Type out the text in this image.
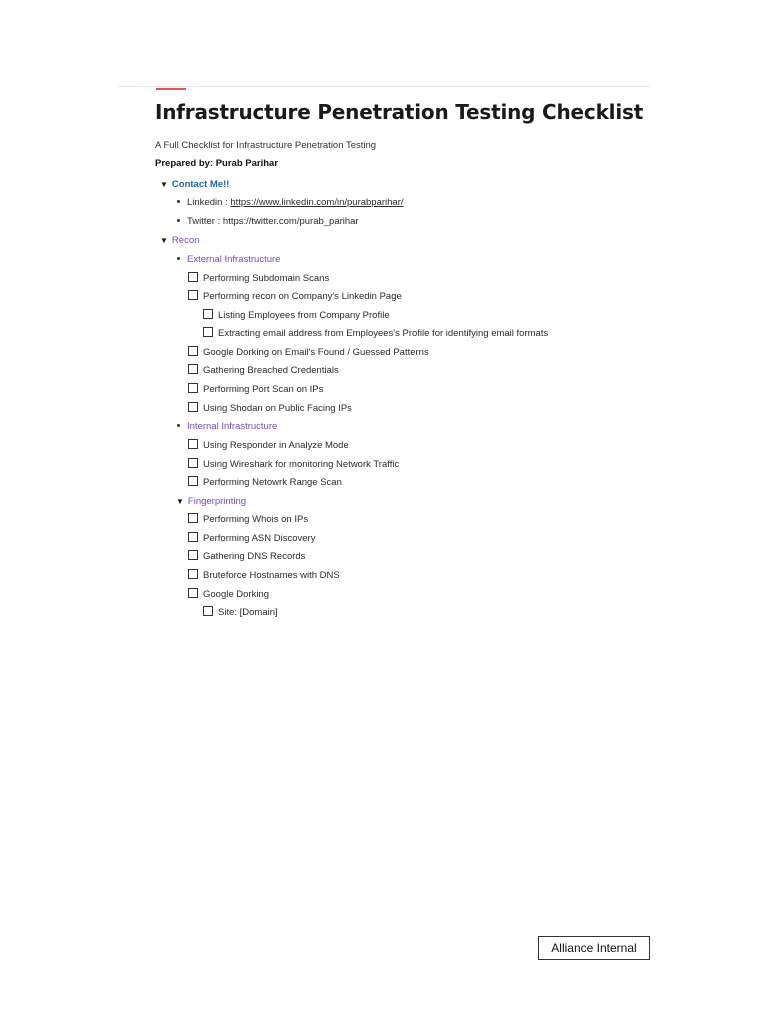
Infrastructure Penetration Testing Checklist
A Full Checklist for Infrastructure Penetration Testing
Prepared by: Purab Parihar
▼ Contact Me!!
Linkedin : https://www.linkedin.com/in/purabparihar/
Twitter : https://twitter.com/purab_parihar
▼ Recon
External Infrastructure
Performing Subdomain Scans
Performing recon on Company's Linkedin Page
Listing Employees from Company Profile
Extracting email address from Employees's Profile for identifying email formats
Google Dorking on Email's Found / Guessed Patterns
Gathering Breached Credentials
Performing Port Scan on IPs
Using Shodan on Public Facing IPs
Internal Infrastructure
Using Responder in Analyze Mode
Using Wireshark for monitoring Network Traffic
Performing Netowrk Range Scan
▼ Fingerprinting
Performing Whois on IPs
Performing ASN Discovery
Gathering DNS Records
Bruteforce Hostnames with DNS
Google Dorking
Site: [Domain]
Alliance Internal
